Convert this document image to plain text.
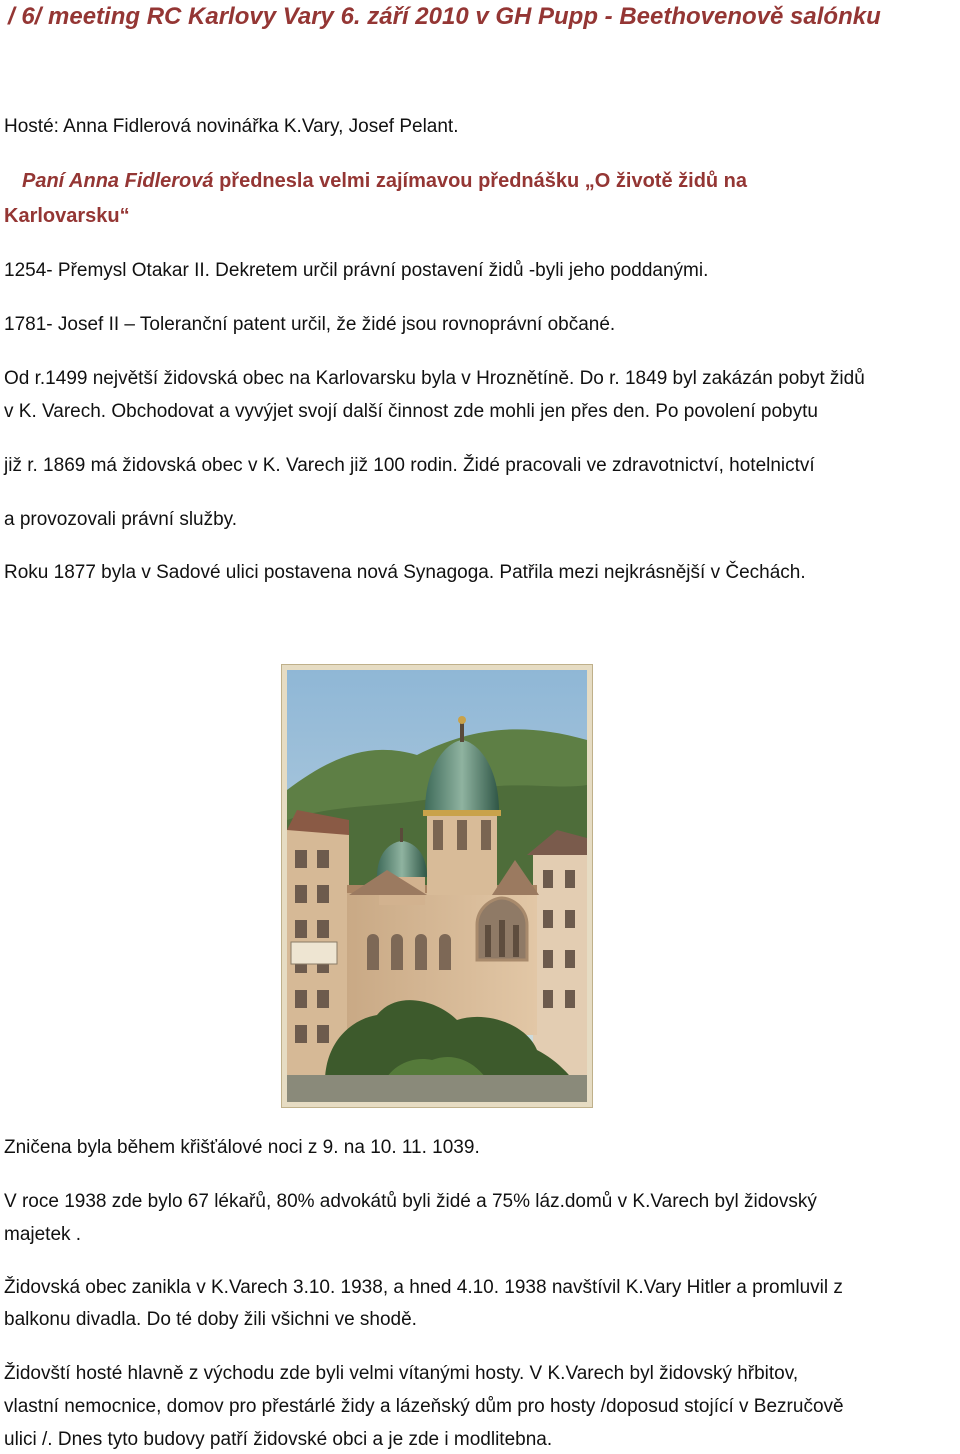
/ 6/ meeting RC Karlovy Vary 6. září 2010 v GH Pupp - Beethovenově salónku
Hosté: Anna Fidlerová novinářka K.Vary, Josef Pelant.
Paní Anna Fidlerová přednesla velmi zajímavou přednášku „O životě židů na
Karlovarsku“
1254- Přemysl Otakar II. Dekretem určil právní postavení židů -byli jeho poddanými.
1781- Josef II – Toleranční patent určil, že židé jsou rovnoprávní občané.
Od r.1499 největší židovská obec na Karlovarsku byla v Hroznětíně. Do r. 1849 byl zakázán pobyt židů
v K. Varech. Obchodovat a vyvýjet svojí další činnost zde mohli jen přes den. Po povolení pobytu
již r. 1869 má židovská obec v K. Varech již 100 rodin. Židé pracovali ve zdravotnictví, hotelnictví
a provozovali právní služby.
Roku 1877 byla v Sadové ulici postavena nová Synagoga. Patřila mezi nejkrásnější v Čechách.
Zničena byla během křišťálové noci z 9. na 10. 11. 1039.
V roce 1938 zde bylo 67 lékařů, 80% advokátů byli židé a 75% láz.domů v K.Varech byl židovský
majetek .
Židovská obec zanikla v K.Varech 3.10. 1938, a hned 4.10. 1938 navštívil K.Vary Hitler a promluvil z
balkonu divadla. Do té doby žili všichni ve shodě.
Židovští hosté hlavně z východu zde byli velmi vítanými hosty. V K.Varech byl židovský hřbitov,
vlastní nemocnice, domov pro přestárlé židy a lázeňský dům pro hosty /doposud stojící v Bezručově
ulici /. Dnes tyto budovy patří židovské obci a je zde i modlitebna.
